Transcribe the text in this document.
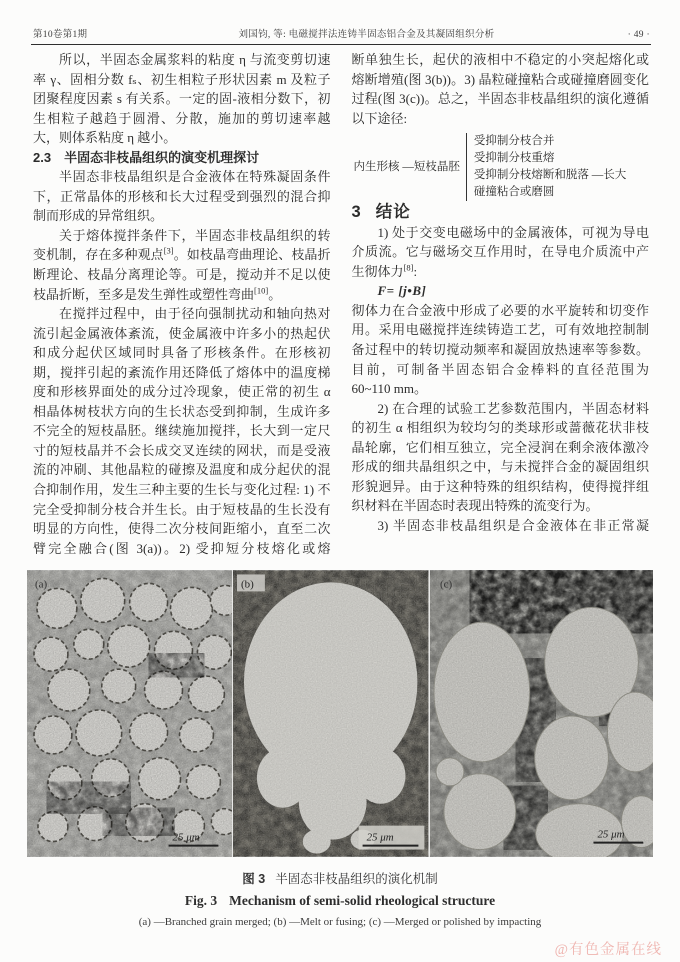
第10卷第1期	刘国钧, 等: 电磁搅拌法连铸半固态铝合金及其凝固组织分析	· 49 ·

所以，半固态金属浆料的粘度 η 与流变剪切速率 γ、固相分数 fₛ、初生相粒子形状因素 m 及粒子团聚程度因素 s 有关系。一定的固-液相分数下，初生相粒子越趋于圆滑、分散，施加的剪切速率越大，则体系粘度 η 越小。

2.3　半固态非枝晶组织的演变机理探讨

半固态非枝晶组织是合金液体在特殊凝固条件下，正常晶体的形核和长大过程受到强烈的混合抑制而形成的异常组织。

关于熔体搅拌条件下，半固态非枝晶组织的转变机制，存在多种观点[3]。如枝晶弯曲理论、枝晶折断理论、枝晶分离理论等。可是，搅动并不足以使枝晶折断，至多是发生弹性或塑性弯曲[10]。

在搅拌过程中，由于径向强制扰动和轴向热对流引起金属液体紊流，使金属液中许多小的热起伏和成分起伏区域同时具备了形核条件。在形核初期，搅拌引起的紊流作用还降低了熔体中的温度梯度和形核界面处的成分过冷现象，使正常的初生 α 相晶体树枝状方向的生长状态受到抑制，生成许多不完全的短枝晶胚。继续施加搅拌，长大到一定尺寸的短枝晶并不会长成交叉连续的网状，而是受液流的冲刷、其他晶粒的碰擦及温度和成分起伏的混合抑制作用，发生三种主要的生长与变化过程: 1) 不完全受抑制分枝合并生长。由于短枝晶的生长没有明显的方向性，使得二次分枝间距缩小，直至二次臂完全融合(图 3(a))。2) 受抑短分枝熔化或熔

断单独生长，起伏的液相中不稳定的小突起熔化或熔断增殖(图 3(b))。3) 晶粒碰撞粘合或碰撞磨圆变化过程(图 3(c))。总之，半固态非枝晶组织的演化遵循以下途径:

内生形核 —短枝晶胚
受抑制分枝合并
受抑制分枝重熔
受抑制分枝熔断和脱落 —长大
碰撞粘合或磨圆

3 结论

1) 处于交变电磁场中的金属液体，可视为导电介质流。它与磁场交互作用时，在导电介质流中产生彻体力[8]:

F= [j•B]

彻体力在合金液中形成了必要的水平旋转和切变作用。采用电磁搅拌连续铸造工艺，可有效地控制制备过程中的转切搅动频率和凝固放热速率等参数。目前，可制备半固态铝合金棒料的直径范围为 60~110 mm。

2) 在合理的试验工艺参数范围内，半固态材料的初生 α 相组织为较均匀的类球形或蔷薇花状非枝晶轮廓，它们相互独立，完全浸润在剩余液体激冷形成的细共晶组织之中，与未搅拌合金的凝固组织形貌迥异。由于这种特殊的组织结构，使得搅拌组织材料在半固态时表现出特殊的流变行为。

3) 半固态非枝晶组织是合金液体在非正常凝

(a)
25 μm
(b)
25 μm
(c)
25 μm
图 3 半固态非枝晶组织的演化机制
Fig. 3 Mechanism of semi-solid rheological structure
(a) —Branched grain merged; (b) —Melt or fusing; (c) —Merged or polished by impacting
@有色金属在线
